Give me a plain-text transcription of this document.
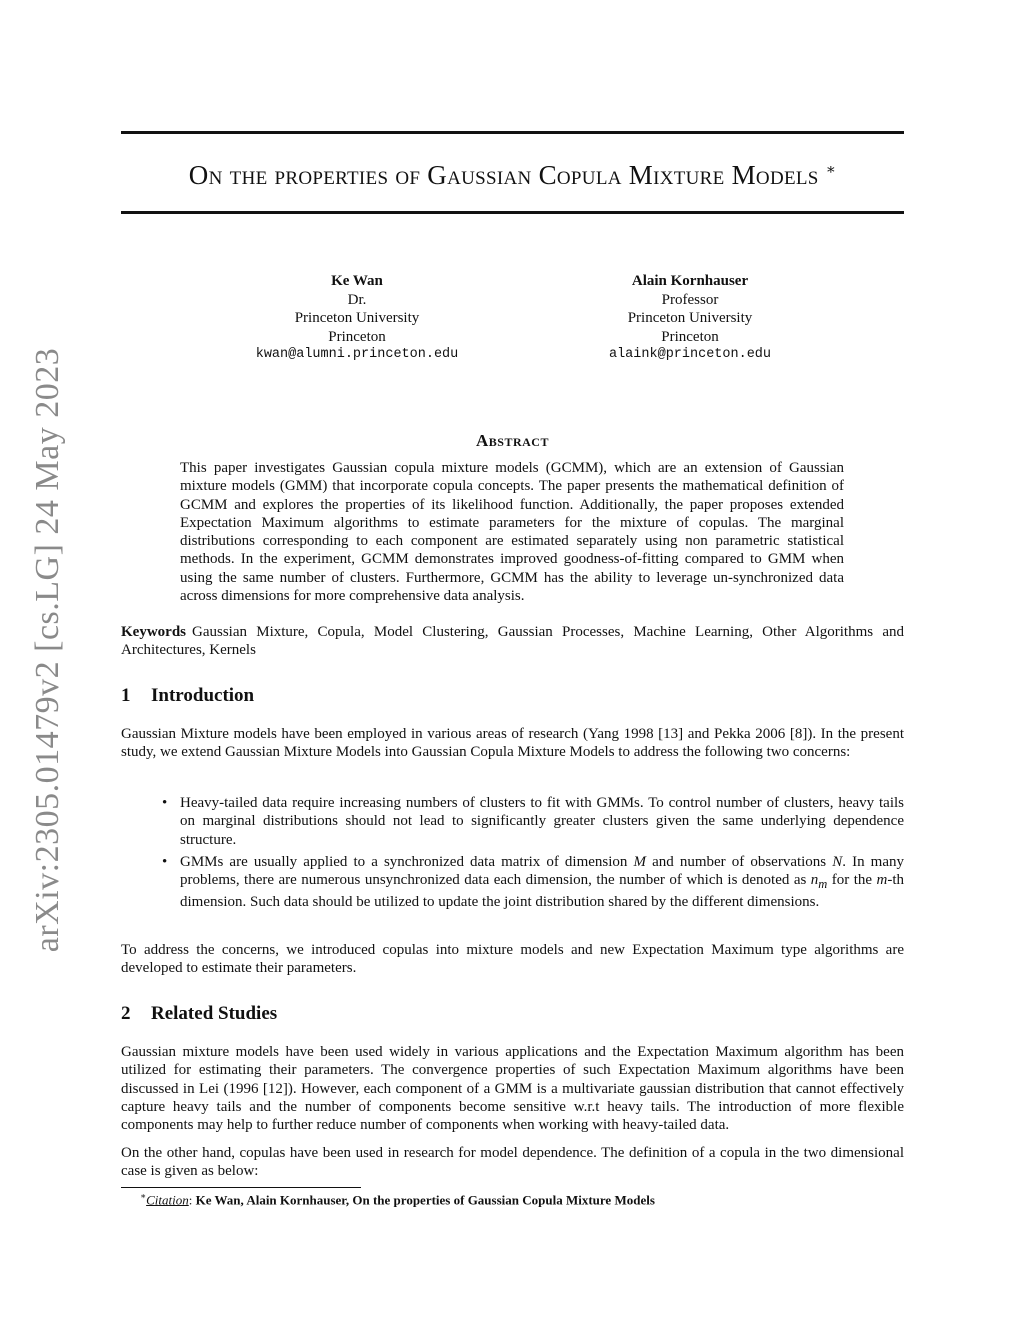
arXiv:2305.01479v2 [cs.LG] 24 May 2023
On the properties of Gaussian Copula Mixture Models ∗
Ke Wan
Dr.
Princeton University
Princeton
kwan@alumni.princeton.edu
Alain Kornhauser
Professor
Princeton University
Princeton
alaink@princeton.edu
Abstract
This paper investigates Gaussian copula mixture models (GCMM), which are an extension of Gaussian mixture models (GMM) that incorporate copula concepts. The paper presents the mathematical definition of GCMM and explores the properties of its likelihood function. Additionally, the paper proposes extended Expectation Maximum algorithms to estimate parameters for the mixture of copulas. The marginal distributions corresponding to each component are estimated separately using non parametric statistical methods. In the experiment, GCMM demonstrates improved goodness-of-fitting compared to GMM when using the same number of clusters. Furthermore, GCMM has the ability to leverage un-synchronized data across dimensions for more comprehensive data analysis.
Keywords Gaussian Mixture, Copula, Model Clustering, Gaussian Processes, Machine Learning, Other Algorithms and Architectures, Kernels
1 Introduction
Gaussian Mixture models have been employed in various areas of research (Yang 1998 [13] and Pekka 2006 [8]). In the present study, we extend Gaussian Mixture Models into Gaussian Copula Mixture Models to address the following two concerns:
• Heavy-tailed data require increasing numbers of clusters to fit with GMMs. To control number of clusters, heavy tails on marginal distributions should not lead to significantly greater clusters given the same underlying dependence structure.
• GMMs are usually applied to a synchronized data matrix of dimension M and number of observations N. In many problems, there are numerous unsynchronized data each dimension, the number of which is denoted as $n_m$ for the m-th dimension. Such data should be utilized to update the joint distribution shared by the different dimensions.
To address the concerns, we introduced copulas into mixture models and new Expectation Maximum type algorithms are developed to estimate their parameters.
2 Related Studies
Gaussian mixture models have been used widely in various applications and the Expectation Maximum algorithm has been utilized for estimating their parameters. The convergence properties of such Expectation Maximum algorithms have been discussed in Lei (1996 [12]). However, each component of a GMM is a multivariate gaussian distribution that cannot effectively capture heavy tails and the number of components become sensitive w.r.t heavy tails. The introduction of more flexible components may help to further reduce number of components when working with heavy-tailed data.
On the other hand, copulas have been used in research for model dependence. The definition of a copula in the two dimensional case is given as below:
∗Citation: Ke Wan, Alain Kornhauser, On the properties of Gaussian Copula Mixture Models
